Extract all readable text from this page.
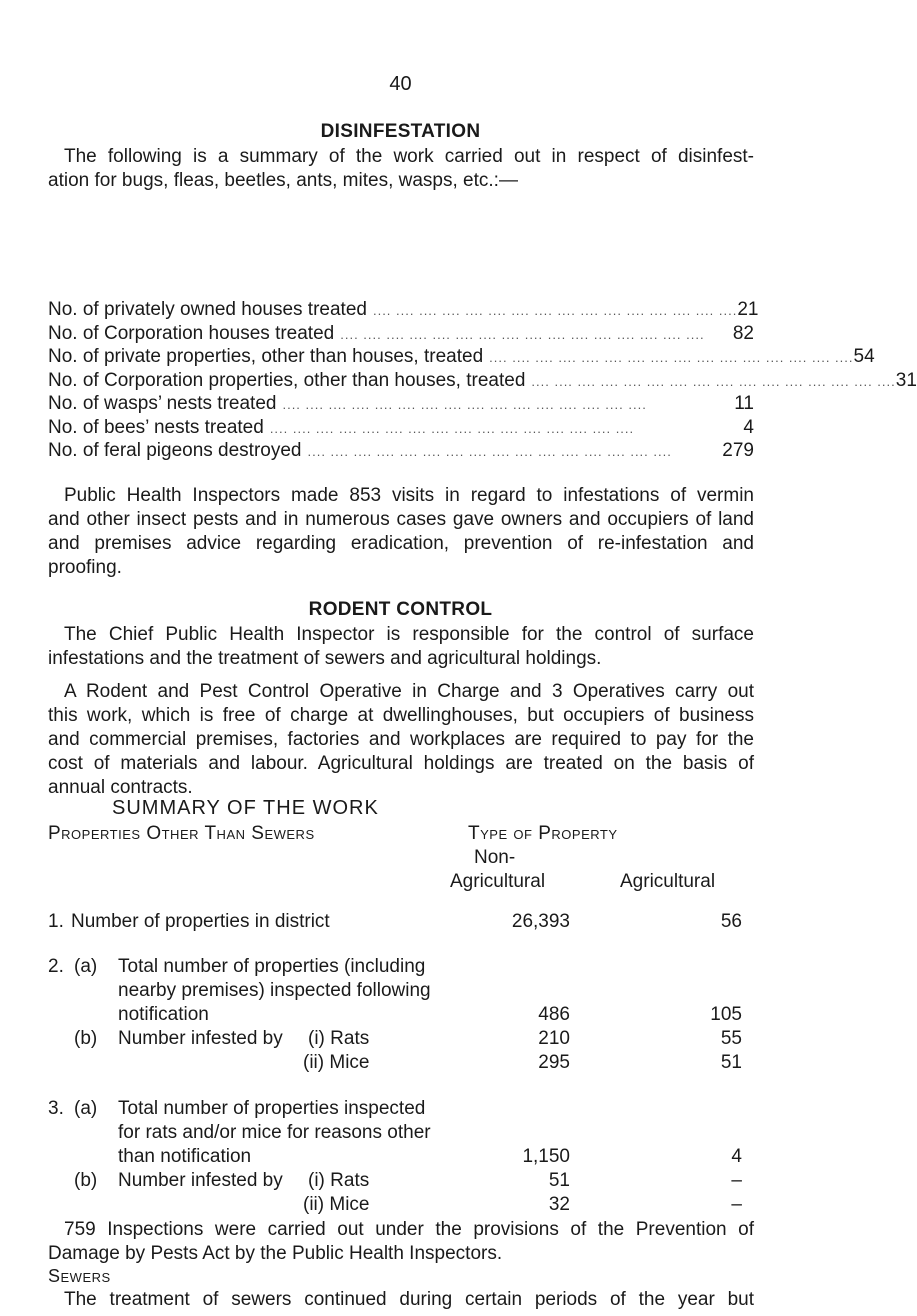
40
DISINFESTATION
The following is a summary of the work carried out in respect of disinfest-
ation for bugs, fleas, beetles, ants, mites, wasps, etc.:—
No. of privately owned houses treated .... .... .... .... .... .... .... .... .... .... .... .... .... .... .... .... 21
No. of Corporation houses treated .... .... .... .... .... .... .... .... .... .... .... .... .... .... .... ....	82
No. of private properties, other than houses, treated .... .... .... .... .... .... .... .... .... .... .... .... .... .... .... .... 54
No. of Corporation properties, other than houses, treated .... .... .... .... .... .... .... .... .... .... .... .... .... .... .... .... 31
No. of wasps’ nests treated .... .... .... .... .... .... .... .... .... .... .... .... .... .... .... ....	11
No. of bees’ nests treated .... .... .... .... .... .... .... .... .... .... .... .... .... .... .... ....	4
No. of feral pigeons destroyed .... .... .... .... .... .... .... .... .... .... .... .... .... .... .... ....	279
Public Health Inspectors made 853 visits in regard to infestations of vermin
and other insect pests and in numerous cases gave owners and occupiers of land
and premises advice regarding eradication, prevention of re-infestation and
proofing.
RODENT CONTROL
The Chief Public Health Inspector is responsible for the control of surface
infestations and the treatment of sewers and agricultural holdings.
A Rodent and Pest Control Operative in Charge and 3 Operatives carry out
this work, which is free of charge at dwellinghouses, but occupiers of business
and commercial premises, factories and workplaces are required to pay for the
cost of materials and labour. Agricultural holdings are treated on the basis of
annual contracts.
SUMMARY OF THE WORK
Properties Other Than Sewers	Type of Property
Non-
Agricultural	Agricultural
1. Number of properties in district	26,393	56
2. (a) Total number of properties (including
nearby premises) inspected following
notification	486	105
(b) Number infested by (i) Rats	210	55
(ii) Mice	295	51
3. (a) Total number of properties inspected
for rats and/or mice for reasons other
than notification	1,150	4
(b) Number infested by (i) Rats	51	–
(ii) Mice	32	–
759 Inspections were carried out under the provisions of the Prevention of
Damage by Pests Act by the Public Health Inspectors.
Sewers
The treatment of sewers continued during certain periods of the year but
